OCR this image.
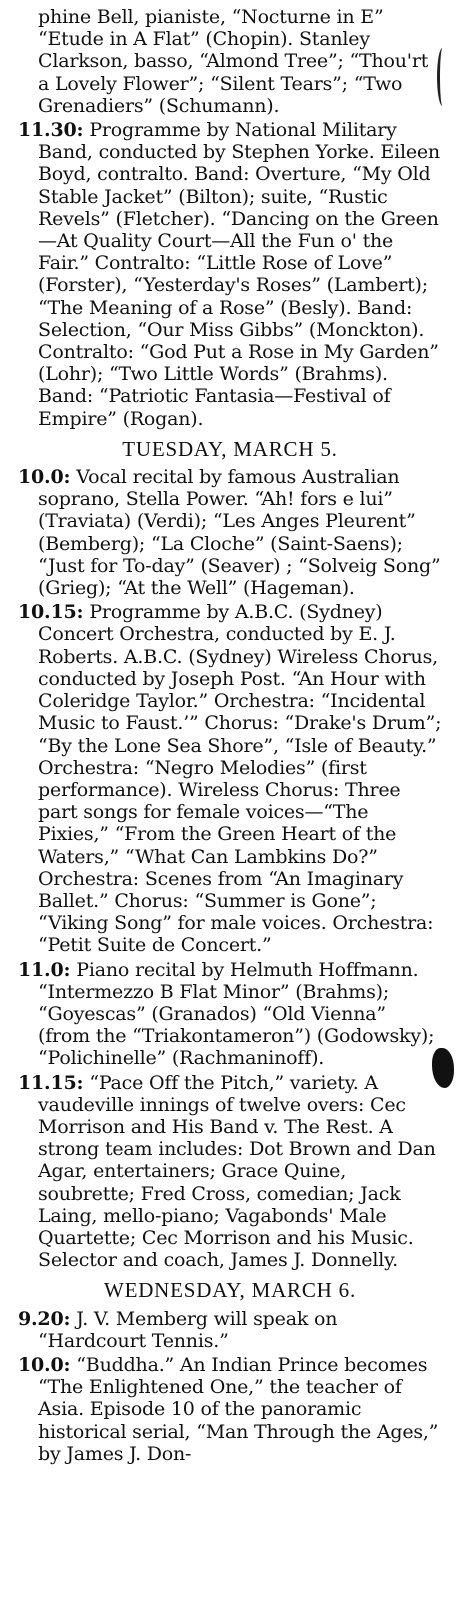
phine Bell, pianiste, “Nocturne in E” “Etude in A Flat” (Chopin). Stanley Clarkson, basso, “Almond Tree”; “Thou'rt a Lovely Flower”; “Silent Tears”; “Two Grenadiers” (Schumann).

11.30: Programme by National Military Band, conducted by Stephen Yorke. Eileen Boyd, contralto. Band: Overture, “My Old Stable Jacket” (Bilton); suite, “Rustic Revels” (Fletcher). “Dancing on the Green—At Quality Court—All the Fun o' the Fair.” Contralto: “Little Rose of Love” (Forster), “Yesterday's Roses” (Lambert); “The Meaning of a Rose” (Besly). Band: Selection, “Our Miss Gibbs” (Monckton). Contralto: “God Put a Rose in My Garden” (Lohr); “Two Little Words” (Brahms). Band: “Patriotic Fantasia—Festival of Empire” (Rogan).

TUESDAY, MARCH 5.

10.0: Vocal recital by famous Australian soprano, Stella Power. “Ah! fors e lui” (Traviata) (Verdi); “Les Anges Pleurent” (Bemberg); “La Cloche” (Saint-Saens); “Just for To-day” (Seaver) ; “Solveig Song” (Grieg); “At the Well” (Hageman).

10.15: Programme by A.B.C. (Sydney) Concert Orchestra, conducted by E. J. Roberts. A.B.C. (Sydney) Wireless Chorus, conducted by Joseph Post. “An Hour with Coleridge Taylor.” Orchestra: “Incidental Music to Faust.’” Chorus: “Drake's Drum”; “By the Lone Sea Shore”, “Isle of Beauty.” Orchestra: “Negro Melodies” (first performance). Wireless Chorus: Three part songs for female voices—“The Pixies,” “From the Green Heart of the Waters,” “What Can Lambkins Do?” Orchestra: Scenes from “An Imaginary Ballet.” Chorus: “Summer is Gone”; “Viking Song” for male voices. Orchestra: “Petit Suite de Concert.”

11.0: Piano recital by Helmuth Hoffmann. “Intermezzo B Flat Minor” (Brahms); “Goyescas” (Granados) “Old Vienna” (from the “Triakontameron”) (Godowsky); “Polichinelle” (Rachmaninoff).

11.15: “Pace Off the Pitch,” variety. A vaudeville innings of twelve overs: Cec Morrison and His Band v. The Rest. A strong team includes: Dot Brown and Dan Agar, entertainers; Grace Quine, soubrette; Fred Cross, comedian; Jack Laing, mello-piano; Vagabonds' Male Quartette; Cec Morrison and his Music. Selector and coach, James J. Donnelly.

WEDNESDAY, MARCH 6.

9.20: J. V. Memberg will speak on “Hardcourt Tennis.”

10.0: “Buddha.” An Indian Prince becomes “The Enlightened One,” the teacher of Asia. Episode 10 of the panoramic historical serial, “Man Through the Ages,” by James J. Don-
